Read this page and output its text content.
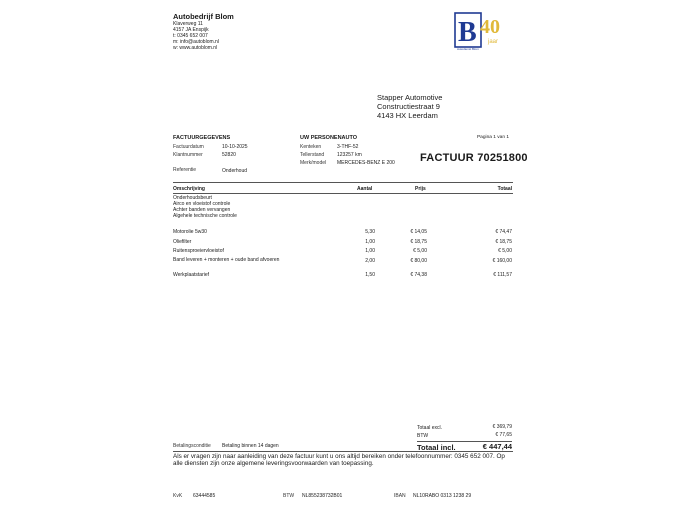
Autobedrijf Blom
Klaverweg 11
4157 JA Enspijk
t: 0345 652 007
m: info@autoblom.nl
w: www.autoblom.nl	B 40
jaar
Autodienst Blom
Stapper Automotive
Constructiestraat 9
4143 HX Leerdam
Pagina 1 van 1
FACTUURGEGEVENS
Factuurdatum	10-10-2025
Klantnummer	52820
Referentie	Onderhoud
UW PERSONENAUTO
Kenteken	3-THF-52
Tellerstand	123257 km
Merk/model MERCEDES-BENZ E 200 FACTUUR 70251800
Omschrijving	Aantal	Prijs	Totaal
Onderhoudsbeurt
Airco en vloeistof controle
Achter banden vervangen
Algehele technische controle
Motorolie 5w30	5,30	€ 14,05	€ 74,47
Oliefilter	1,00	€ 18,75	€ 18,75
Ruitensproeiervloeistof	1,00	€ 5,00	€ 5,00
Band leveren + monteren + oude band afvoeren	2,00	€ 80,00	€ 160,00
Werkplaatstarief	1,50	€ 74,38	€ 111,57
Totaal excl.	€ 369,79
BTW	€ 77,65
Totaal incl.	€ 447,44
Betalingsconditie Betaling binnen 14 dagen
Als er vragen zijn naar aanleiding van deze factuur kunt u ons altijd bereiken onder telefoonnummer: 0345 652 007. Op alle diensten zijn onze algemene leveringsvoorwaarden van toepassing.
KvK 63444585	BTW NL855238732B01	IBAN NL10RABO 0313 1238 29
